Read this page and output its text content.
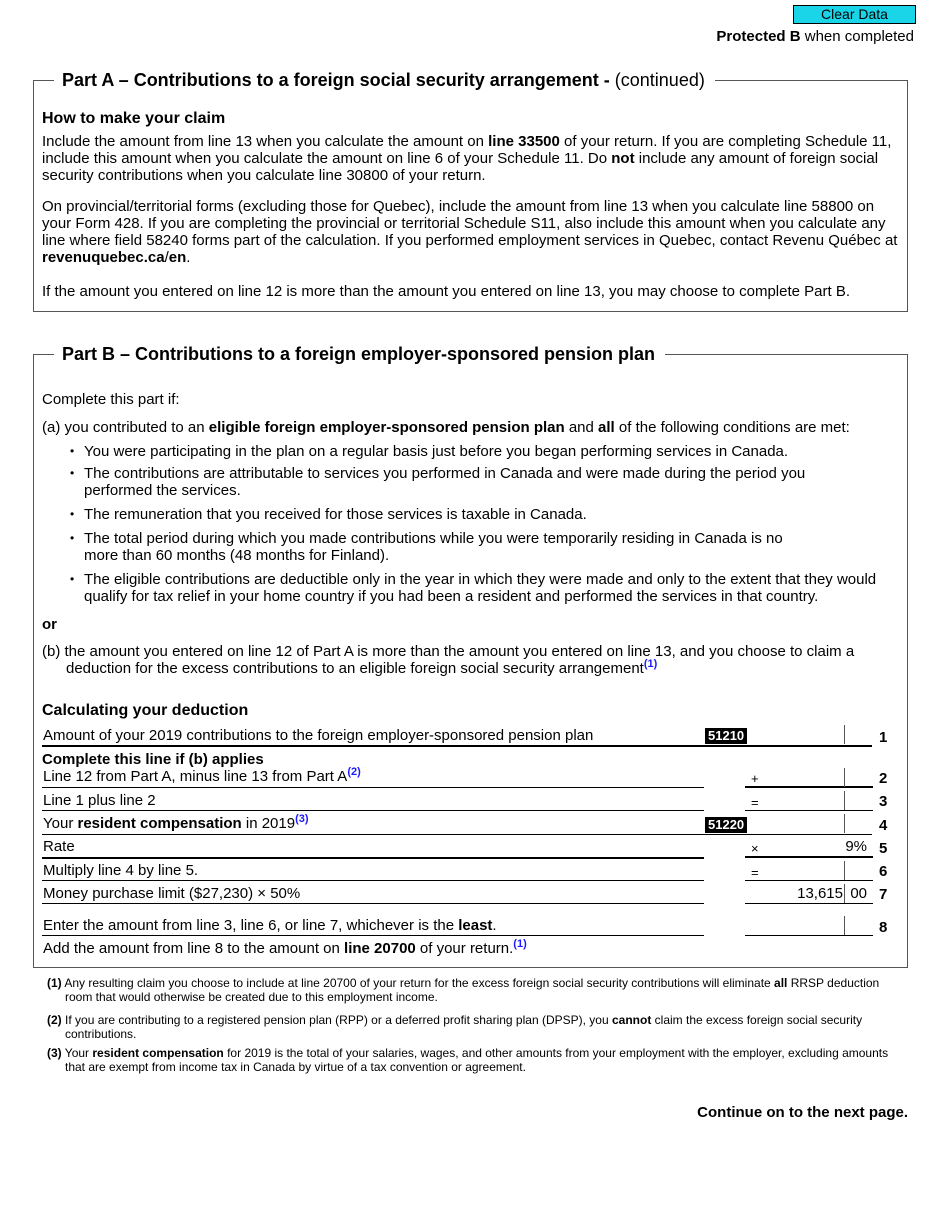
Clear Data
Protected B when completed
Part A – Contributions to a foreign social security arrangement - (continued)
How to make your claim

Include the amount from line 13 when you calculate the amount on line 33500 of your return. If you are completing Schedule 11, include this amount when you calculate the amount on line 6 of your Schedule 11. Do not include any amount of foreign social security contributions when you calculate line 30800 of your return.

On provincial/territorial forms (excluding those for Quebec), include the amount from line 13 when you calculate line 58800 on your Form 428. If you are completing the provincial or territorial Schedule S11, also include this amount when you calculate any line where field 58240 forms part of the calculation. If you performed employment services in Quebec, contact Revenu Québec at revenuquebec.ca/en.

If the amount you entered on line 12 is more than the amount you entered on line 13, you may choose to complete Part B.

Part B – Contributions to a foreign employer-sponsored pension plan

Complete this part if:

(a) you contributed to an eligible foreign employer-sponsored pension plan and all of the following conditions are met:

• You were participating in the plan on a regular basis just before you began performing services in Canada.

• The contributions are attributable to services you performed in Canada and were made during the period you performed the services.

• The remuneration that you received for those services is taxable in Canada.

• The total period during which you made contributions while you were temporarily residing in Canada is no more than 60 months (48 months for Finland).

• The eligible contributions are deductible only in the year in which they were made and only to the extent that they would qualify for tax relief in your home country if you had been a resident and performed the services in that country.

or

(b) the amount you entered on line 12 of Part A is more than the amount you entered on line 13, and you choose to claim a deduction for the excess contributions to an eligible foreign social security arrangement$^{(1)}$

Calculating your deduction
Amount of your 2019 contributions to the foreign employer-sponsored pension plan	51210	1
Complete this line if (b) applies
Line 12 from Part A, minus line 13 from Part $A^{(2)}$	+	2
Line 1 plus line 2	=	3
Your resident compensation in 2019$^{(3)}$	51220	4
Rate	×	9% 5
Multiply line 4 by line 5.	=	6
Money purchase limit ($27,230) × 50%	13,615 00 7
Enter the amount from line 3, line 6, or line 7, whichever is the least.	8
Add the amount from line 8 to the amount on line 20700 of your return.$^{(1)}$

(1) Any resulting claim you choose to include at line 20700 of your return for the excess foreign social security contributions will eliminate all RRSP deduction room that would otherwise be created due to this employment income.

(2) If you are contributing to a registered pension plan (RPP) or a deferred profit sharing plan (DPSP), you cannot claim the excess foreign social security contributions.

(3) Your resident compensation for 2019 is the total of your salaries, wages, and other amounts from your employment with the employer, excluding amounts that are exempt from income tax in Canada by virtue of a tax convention or agreement.

Continue on to the next page.
